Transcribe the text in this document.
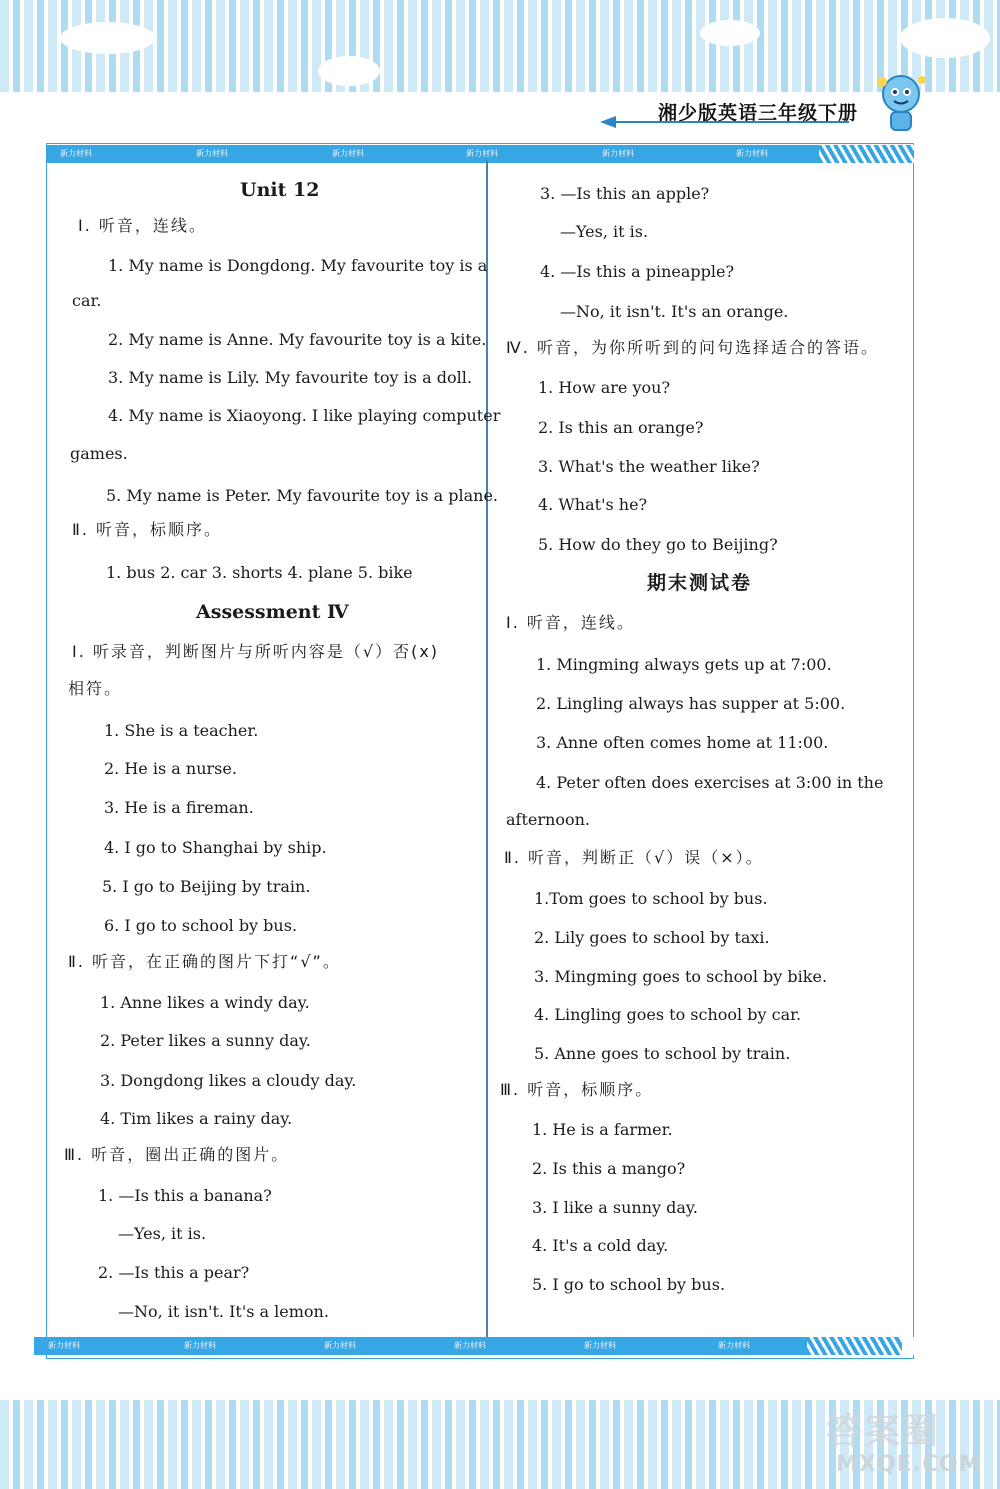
湘少版英语三年级下册
新力材料	新力材料	新力材料	新力材料	新力材料	新力材料
Unit 12
Ⅰ. 听音，连线。
1. My name is Dongdong. My favourite toy is a
car.
2. My name is Anne. My favourite toy is a kite.
3. My name is Lily. My favourite toy is a doll.
4. My name is Xiaoyong. I like playing computer
games.
5. My name is Peter. My favourite toy is a plane.
Ⅱ. 听音，标顺序。
1. bus 2. car 3. shorts 4. plane 5. bike
Assessment Ⅳ
Ⅰ. 听录音，判断图片与所听内容是（√）否(x)
相符。
1. She is a teacher.
2. He is a nurse.
3. He is a fireman.
4. I go to Shanghai by ship.
5. I go to Beijing by train.
6. I go to school by bus.
Ⅱ. 听音，在正确的图片下打“√”。
1. Anne likes a windy day.
2. Peter likes a sunny day.
3. Dongdong likes a cloudy day.
4. Tim likes a rainy day.
Ⅲ. 听音，圈出正确的图片。
1. —Is this a banana?
—Yes, it is.
2. —Is this a pear?
—No, it isn't. It's a lemon.
3. —Is this an apple?
—Yes, it is.
4. —Is this a pineapple?
—No, it isn't. It's an orange.
Ⅳ. 听音，为你所听到的问句选择适合的答语。
1. How are you?
2. Is this an orange?
3. What's the weather like?
4. What's he?
5. How do they go to Beijing?
期末测试卷
Ⅰ. 听音，连线。
1. Mingming always gets up at 7:00.
2. Lingling always has supper at 5:00.
3. Anne often comes home at 11:00.
4. Peter often does exercises at 3:00 in the
afternoon.
Ⅱ. 听音，判断正（√）误（×）。
1.Tom goes to school by bus.
2. Lily goes to school by taxi.
3. Mingming goes to school by bike.
4. Lingling goes to school by car.
5. Anne goes to school by train.
Ⅲ. 听音，标顺序。
1. He is a farmer.
2. Is this a mango?
3. I like a sunny day.
4. It's a cold day.
5. I go to school by bus.
新力材料	新力材料	新力材料	新力材料	新力材料	新力材料
答案圈
MXQE.COM
